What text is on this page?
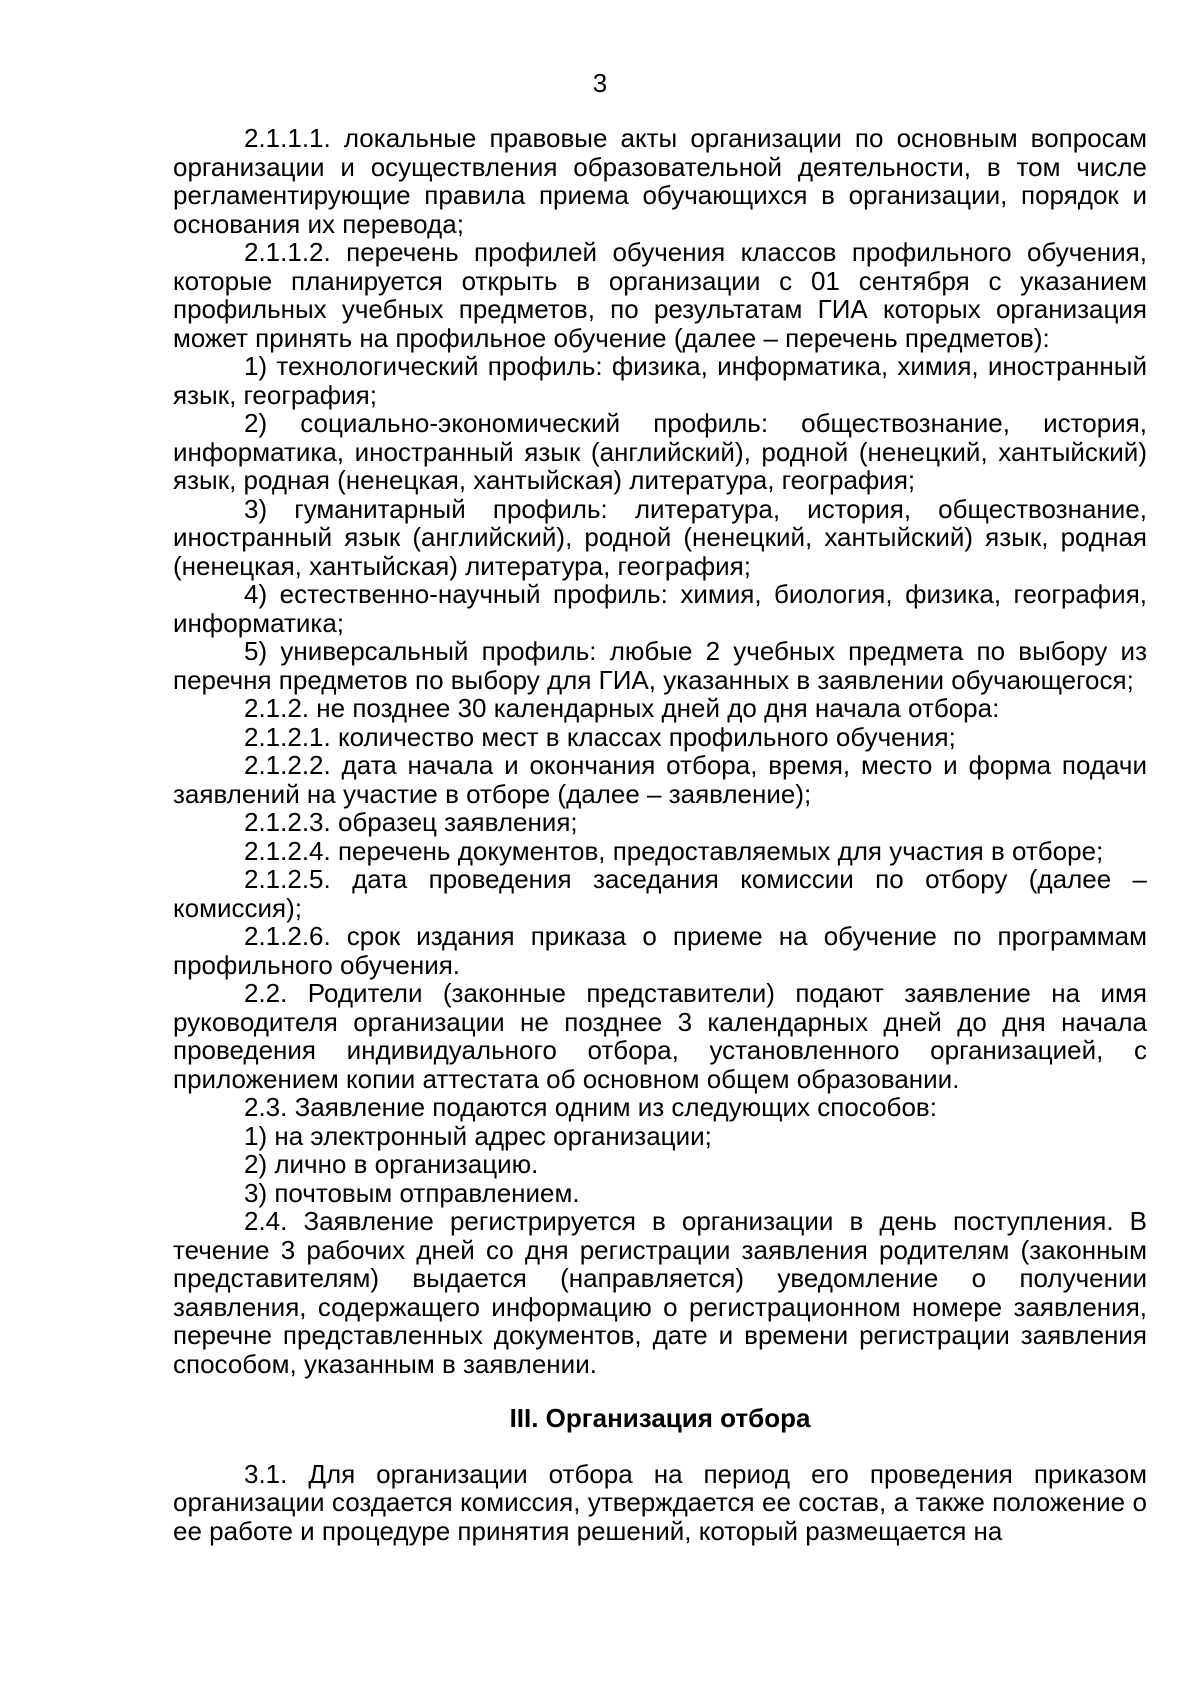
3

2.1.1.1. локальные правовые акты организации по основным вопросам организации и осуществления образовательной деятельности, в том числе регламентирующие правила приема обучающихся в организации, порядок и основания их перевода;

2.1.1.2. перечень профилей обучения классов профильного обучения, которые планируется открыть в организации с 01 сентября с указанием профильных учебных предметов, по результатам ГИА которых организация может принять на профильное обучение (далее – перечень предметов):

1) технологический профиль: физика, информатика, химия, иностранный язык, география;

2) социально-экономический профиль: обществознание, история, информатика, иностранный язык (английский), родной (ненецкий, хантыйский) язык, родная (ненецкая, хантыйская) литература, география;

3) гуманитарный профиль: литература, история, обществознание, иностранный язык (английский), родной (ненецкий, хантыйский) язык, родная (ненецкая, хантыйская) литература, география;

4) естественно-научный профиль: химия, биология, физика, география, информатика;

5) универсальный профиль: любые 2 учебных предмета по выбору из перечня предметов по выбору для ГИА, указанных в заявлении обучающегося;

2.1.2. не позднее 30 календарных дней до дня начала отбора:

2.1.2.1. количество мест в классах профильного обучения;

2.1.2.2. дата начала и окончания отбора, время, место и форма подачи заявлений на участие в отборе (далее – заявление);

2.1.2.3. образец заявления;

2.1.2.4. перечень документов, предоставляемых для участия в отборе;

2.1.2.5. дата проведения заседания комиссии по отбору (далее – комиссия);

2.1.2.6. срок издания приказа о приеме на обучение по программам профильного обучения.

2.2. Родители (законные представители) подают заявление на имя руководителя организации не позднее 3 календарных дней до дня начала проведения индивидуального отбора, установленного организацией, с приложением копии аттестата об основном общем образовании.

2.3. Заявление подаются одним из следующих способов:

1) на электронный адрес организации;

2) лично в организацию.

3) почтовым отправлением.

2.4. Заявление регистрируется в организации в день поступления. В течение 3 рабочих дней со дня регистрации заявления родителям (законным представителям) выдается (направляется) уведомление о получении заявления, содержащего информацию о регистрационном номере заявления, перечне представленных документов, дате и времени регистрации заявления способом, указанным в заявлении.

III. Организация отбора

3.1. Для организации отбора на период его проведения приказом организации создается комиссия, утверждается ее состав, а также положение о ее работе и процедуре принятия решений, который размещается на
